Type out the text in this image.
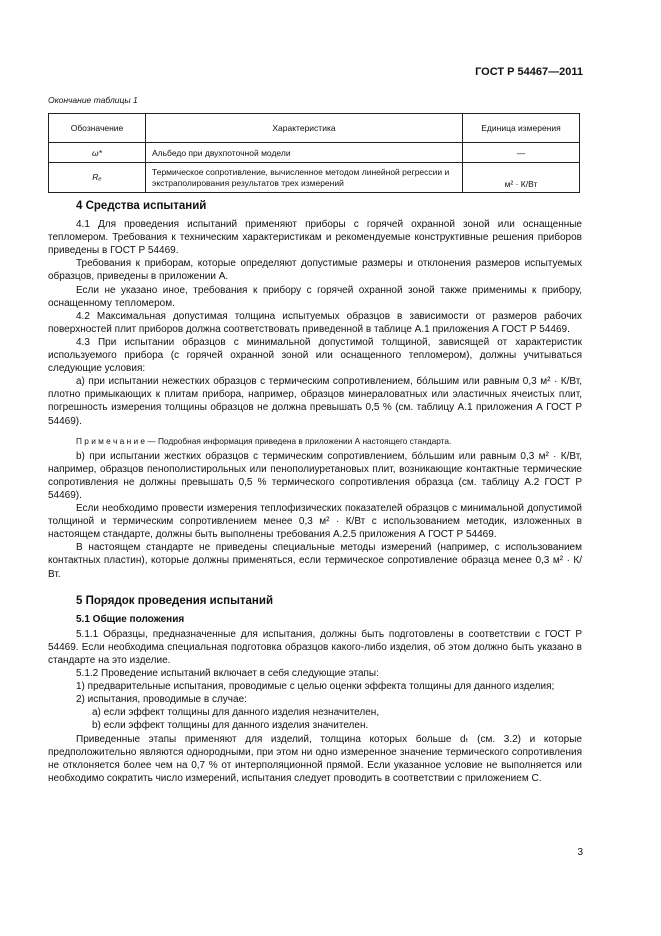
ГОСТ Р 54467—2011
Окончание таблицы 1
Обозначение	Характеристика	Единица измерения
ω*	Альбедо при двухпоточной модели	—
Rₑ	Термическое сопротивление, вычисленное методом линейной регрессии и экстраполирования результатов трех измерений	м² · К/Вт
4 Средства испытаний

4.1 Для проведения испытаний применяют приборы с горячей охранной зоной или оснащенные тепломером. Требования к техническим характеристикам и рекомендуемые конструктивные решения приборов приведены в ГОСТ Р 54469.

Требования к приборам, которые определяют допустимые размеры и отклонения размеров испытуемых образцов, приведены в приложении А.

Если не указано иное, требования к прибору с горячей охранной зоной также применимы к прибору, оснащенному тепломером.

4.2 Максимальная допустимая толщина испытуемых образцов в зависимости от размеров рабочих поверхностей плит приборов должна соответствовать приведенной в таблице А.1 приложения А ГОСТ Р 54469.

4.3 При испытании образцов с минимальной допустимой толщиной, зависящей от характеристик используемого прибора (с горячей охранной зоной или оснащенного тепломером), должны учитываться следующие условия:

а) при испытании нежестких образцов с термическим сопротивлением, бóльшим или равным 0,3 м² · К/Вт, плотно примыкающих к плитам прибора, например, образцов минераловатных или эластичных ячеистых плит, погрешность измерения толщины образцов не должна превышать 0,5 % (см. таблицу А.1 приложения А ГОСТ Р 54469).

П р и м е ч а н и е — Подробная информация приведена в приложении А настоящего стандарта.

b) при испытании жестких образцов с термическим сопротивлением, бóльшим или равным 0,3 м² · К/Вт, например, образцов пенополистирольных или пенополиуретановых плит, возникающие контактные термические сопротивления не должны превышать 0,5 % термического сопротивления образца (см. таблицу А.2 ГОСТ Р 54469).

Если необходимо провести измерения теплофизических показателей образцов с минимальной допустимой толщиной и термическим сопротивлением менее 0,3 м² · К/Вт с использованием методик, изложенных в настоящем стандарте, должны быть выполнены требования А.2.5 приложения А ГОСТ Р 54469.

В настоящем стандарте не приведены специальные методы измерений (например, с использованием контактных пластин), которые должны применяться, если термическое сопротивление образца менее 0,3 м² · К/Вт.

5 Порядок проведения испытаний
5.1 Общие положения

5.1.1 Образцы, предназначенные для испытания, должны быть подготовлены в соответствии с ГОСТ Р 54469. Если необходима специальная подготовка образцов какого-либо изделия, об этом должно быть указано в стандарте на это изделие.

5.1.2 Проведение испытаний включает в себя следующие этапы:

1) предварительные испытания, проводимые с целью оценки эффекта толщины для данного изделия;

2) испытания, проводимые в случае:

a) если эффект толщины для данного изделия незначителен,

b) если эффект толщины для данного изделия значителен.

Приведенные этапы применяют для изделий, толщина которых больше dₜ (см. 3.2) и которые предположительно являются однородными, при этом ни одно измеренное значение термического сопротивления не отклоняется более чем на 0,7 % от интерполяционной прямой. Если указанное условие не выполняется или необходимо сократить число измерений, испытания следует проводить в соответствии с приложением С.

3
